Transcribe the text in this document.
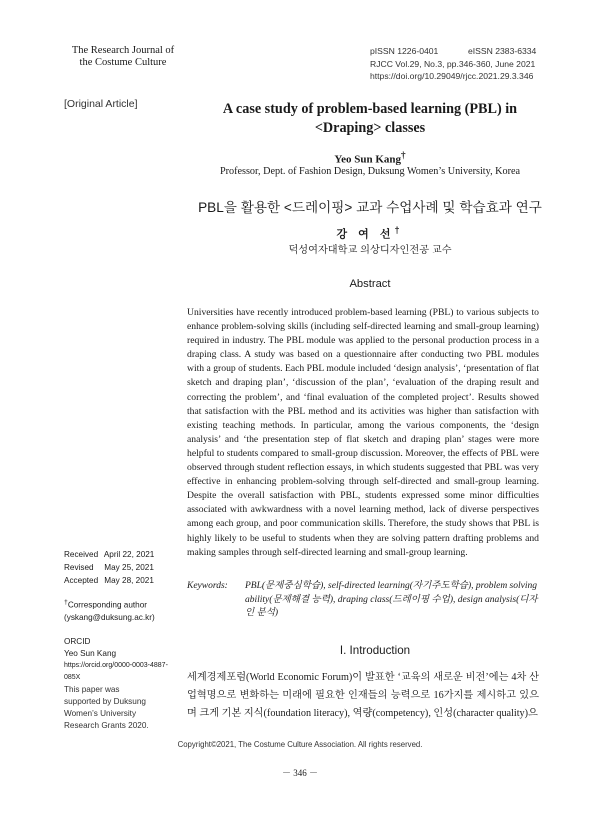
The Research Journal of
the Costume Culture
pISSN 1226-0401	eISSN 2383-6334
RJCC Vol.29, No.3, pp.346-360, June 2021
https://doi.org/10.29049/rjcc.2021.29.3.346
[Original Article]	A case study of problem-based learning (PBL) in <Draping> classes
Yeo Sun Kang†
Professor, Dept. of Fashion Design, Duksung Women’s University, Korea
PBL을 활용한 <드레이핑> 교과 수업사례 및 학습효과 연구
강 여 선†
덕성여자대학교 의상디자인전공 교수
Abstract
Universities have recently introduced problem-based learning (PBL) to various subjects to enhance problem-solving skills (including self-directed learning and small-group learning) required in industry. The PBL module was applied to the personal production process in a draping class. A study was based on a questionnaire after conducting two PBL modules with a group of students. Each PBL module included ‘design analysis’, ‘presentation of flat sketch and draping plan’, ‘discussion of the plan’, ‘evaluation of the draping result and correcting the problem’, and ‘final evaluation of the completed project’. Results showed that satisfaction with the PBL method and its activities was higher than satisfaction with existing teaching methods. In particular, among the various components, the ‘design analysis’ and ‘the presentation step of flat sketch and draping plan’ stages were more helpful to students compared to small-group discussion. Moreover, the effects of PBL were observed through student reflection essays, in which students suggested that PBL was very effective in enhancing problem-solving through self-directed and small-group learning. Despite the overall satisfaction with PBL, students expressed some minor difficulties associated with awkwardness with a novel learning method, lack of diverse perspectives among each group, and poor communication skills. Therefore, the study shows that PBL is highly likely to be useful to students when they are solving pattern drafting problems and making samples through self-directed learning and small-group learning.
Keywords: PBL(문제중심학습), self-directed learning(자기주도학습), problem solving ability(문제해결 능력), draping class(드레이핑 수업), design analysis(디자인 분석)
Received April 22, 2021
Revised May 25, 2021
Accepted May 28, 2021
†Corresponding author
(yskang@duksung.ac.kr)
ORCID
Yeo Sun Kang
https://orcid.org/0000-0003-4887-085X
This paper was supported by Duksung Women’s University Research Grants 2020.
I. Introduction
세계경제포럼(World Economic Forum)이 발표한 ‘교육의 새로운 비전’에는 4차 산업혁명으로 변화하는 미래에 필요한 인재들의 능력으로 16가지를 제시하고 있으며 크게 기본 지식(foundation literacy), 역량(competency), 인성(character quality)으
Copyright©2021, The Costume Culture Association. All rights reserved.
－ 346 －
